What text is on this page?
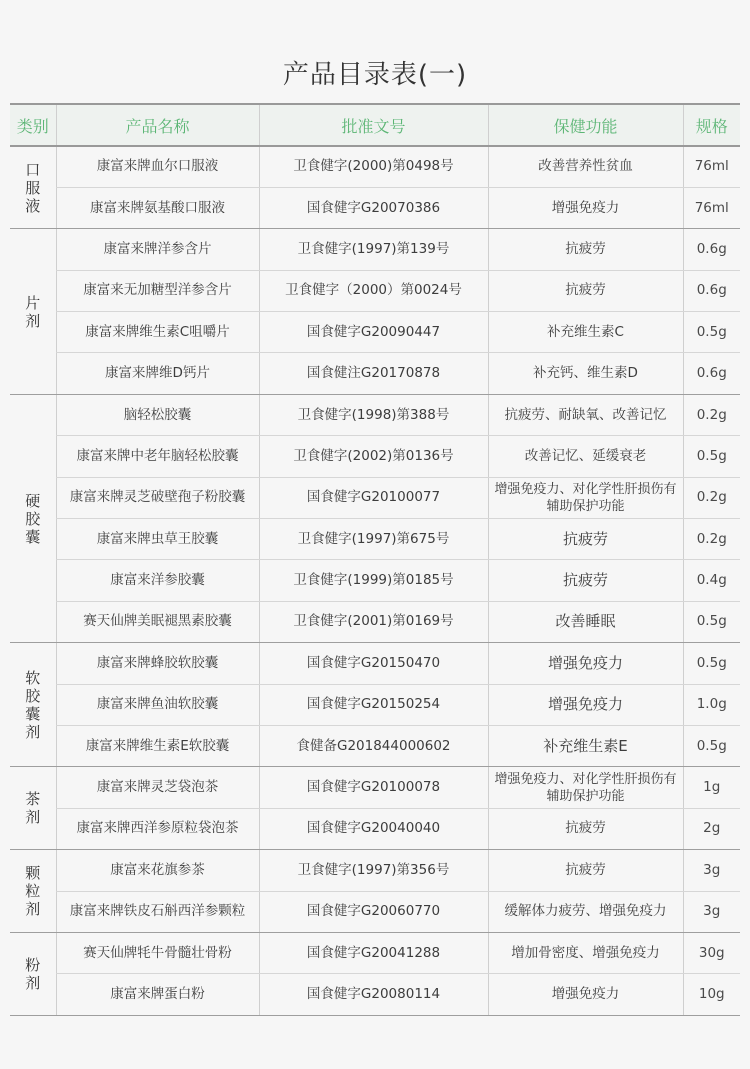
产品目录表(一)
类别	产品名称	批准文号	保健功能	规格
口服液	康富来牌血尔口服液	卫食健字(2000)第0498号	改善营养性贫血	76ml
	康富来牌氨基酸口服液	国食健字G20070386	增强免疫力	76ml
片剂	康富来牌洋参含片	卫食健字(1997)第139号	抗疲劳	0.6g
	康富来无加糖型洋参含片	卫食健字（2000）第0024号	抗疲劳	0.6g
	康富来牌维生素C咀嚼片	国食健字G20090447	补充维生素C	0.5g
	康富来牌维D钙片	国食健注G20170878	补充钙、维生素D	0.6g
硬胶囊	脑轻松胶囊	卫食健字(1998)第388号	抗疲劳、耐缺氧、改善记忆	0.2g
	康富来牌中老年脑轻松胶囊	卫食健字(2002)第0136号	改善记忆、延缓衰老	0.5g
	康富来牌灵芝破壁孢子粉胶囊	国食健字G20100077	增强免疫力、对化学性肝损伤有辅助保护功能	0.2g
	康富来牌虫草王胶囊	卫食健字(1997)第675号	抗疲劳	0.2g
	康富来洋参胶囊	卫食健字(1999)第0185号	抗疲劳	0.4g
	赛天仙牌美眠褪黑素胶囊	卫食健字(2001)第0169号	改善睡眠	0.5g
软胶囊剂	康富来牌蜂胶软胶囊	国食健字G20150470	增强免疫力	0.5g
	康富来牌鱼油软胶囊	国食健字G20150254	增强免疫力	1.0g
	康富来牌维生素E软胶囊	食健备G201844000602	补充维生素E	0.5g
茶剂	康富来牌灵芝袋泡茶	国食健字G20100078	增强免疫力、对化学性肝损伤有辅助保护功能	1g
	康富来牌西洋参原粒袋泡茶	国食健字G20040040	抗疲劳	2g
颗粒剂	康富来花旗参茶	卫食健字(1997)第356号	抗疲劳	3g
	康富来牌铁皮石斛西洋参颗粒	国食健字G20060770	缓解体力疲劳、增强免疫力	3g
粉剂	赛天仙牌牦牛骨髓壮骨粉	国食健字G20041288	增加骨密度、增强免疫力	30g
	康富来牌蛋白粉	国食健字G20080114	增强免疫力	10g
